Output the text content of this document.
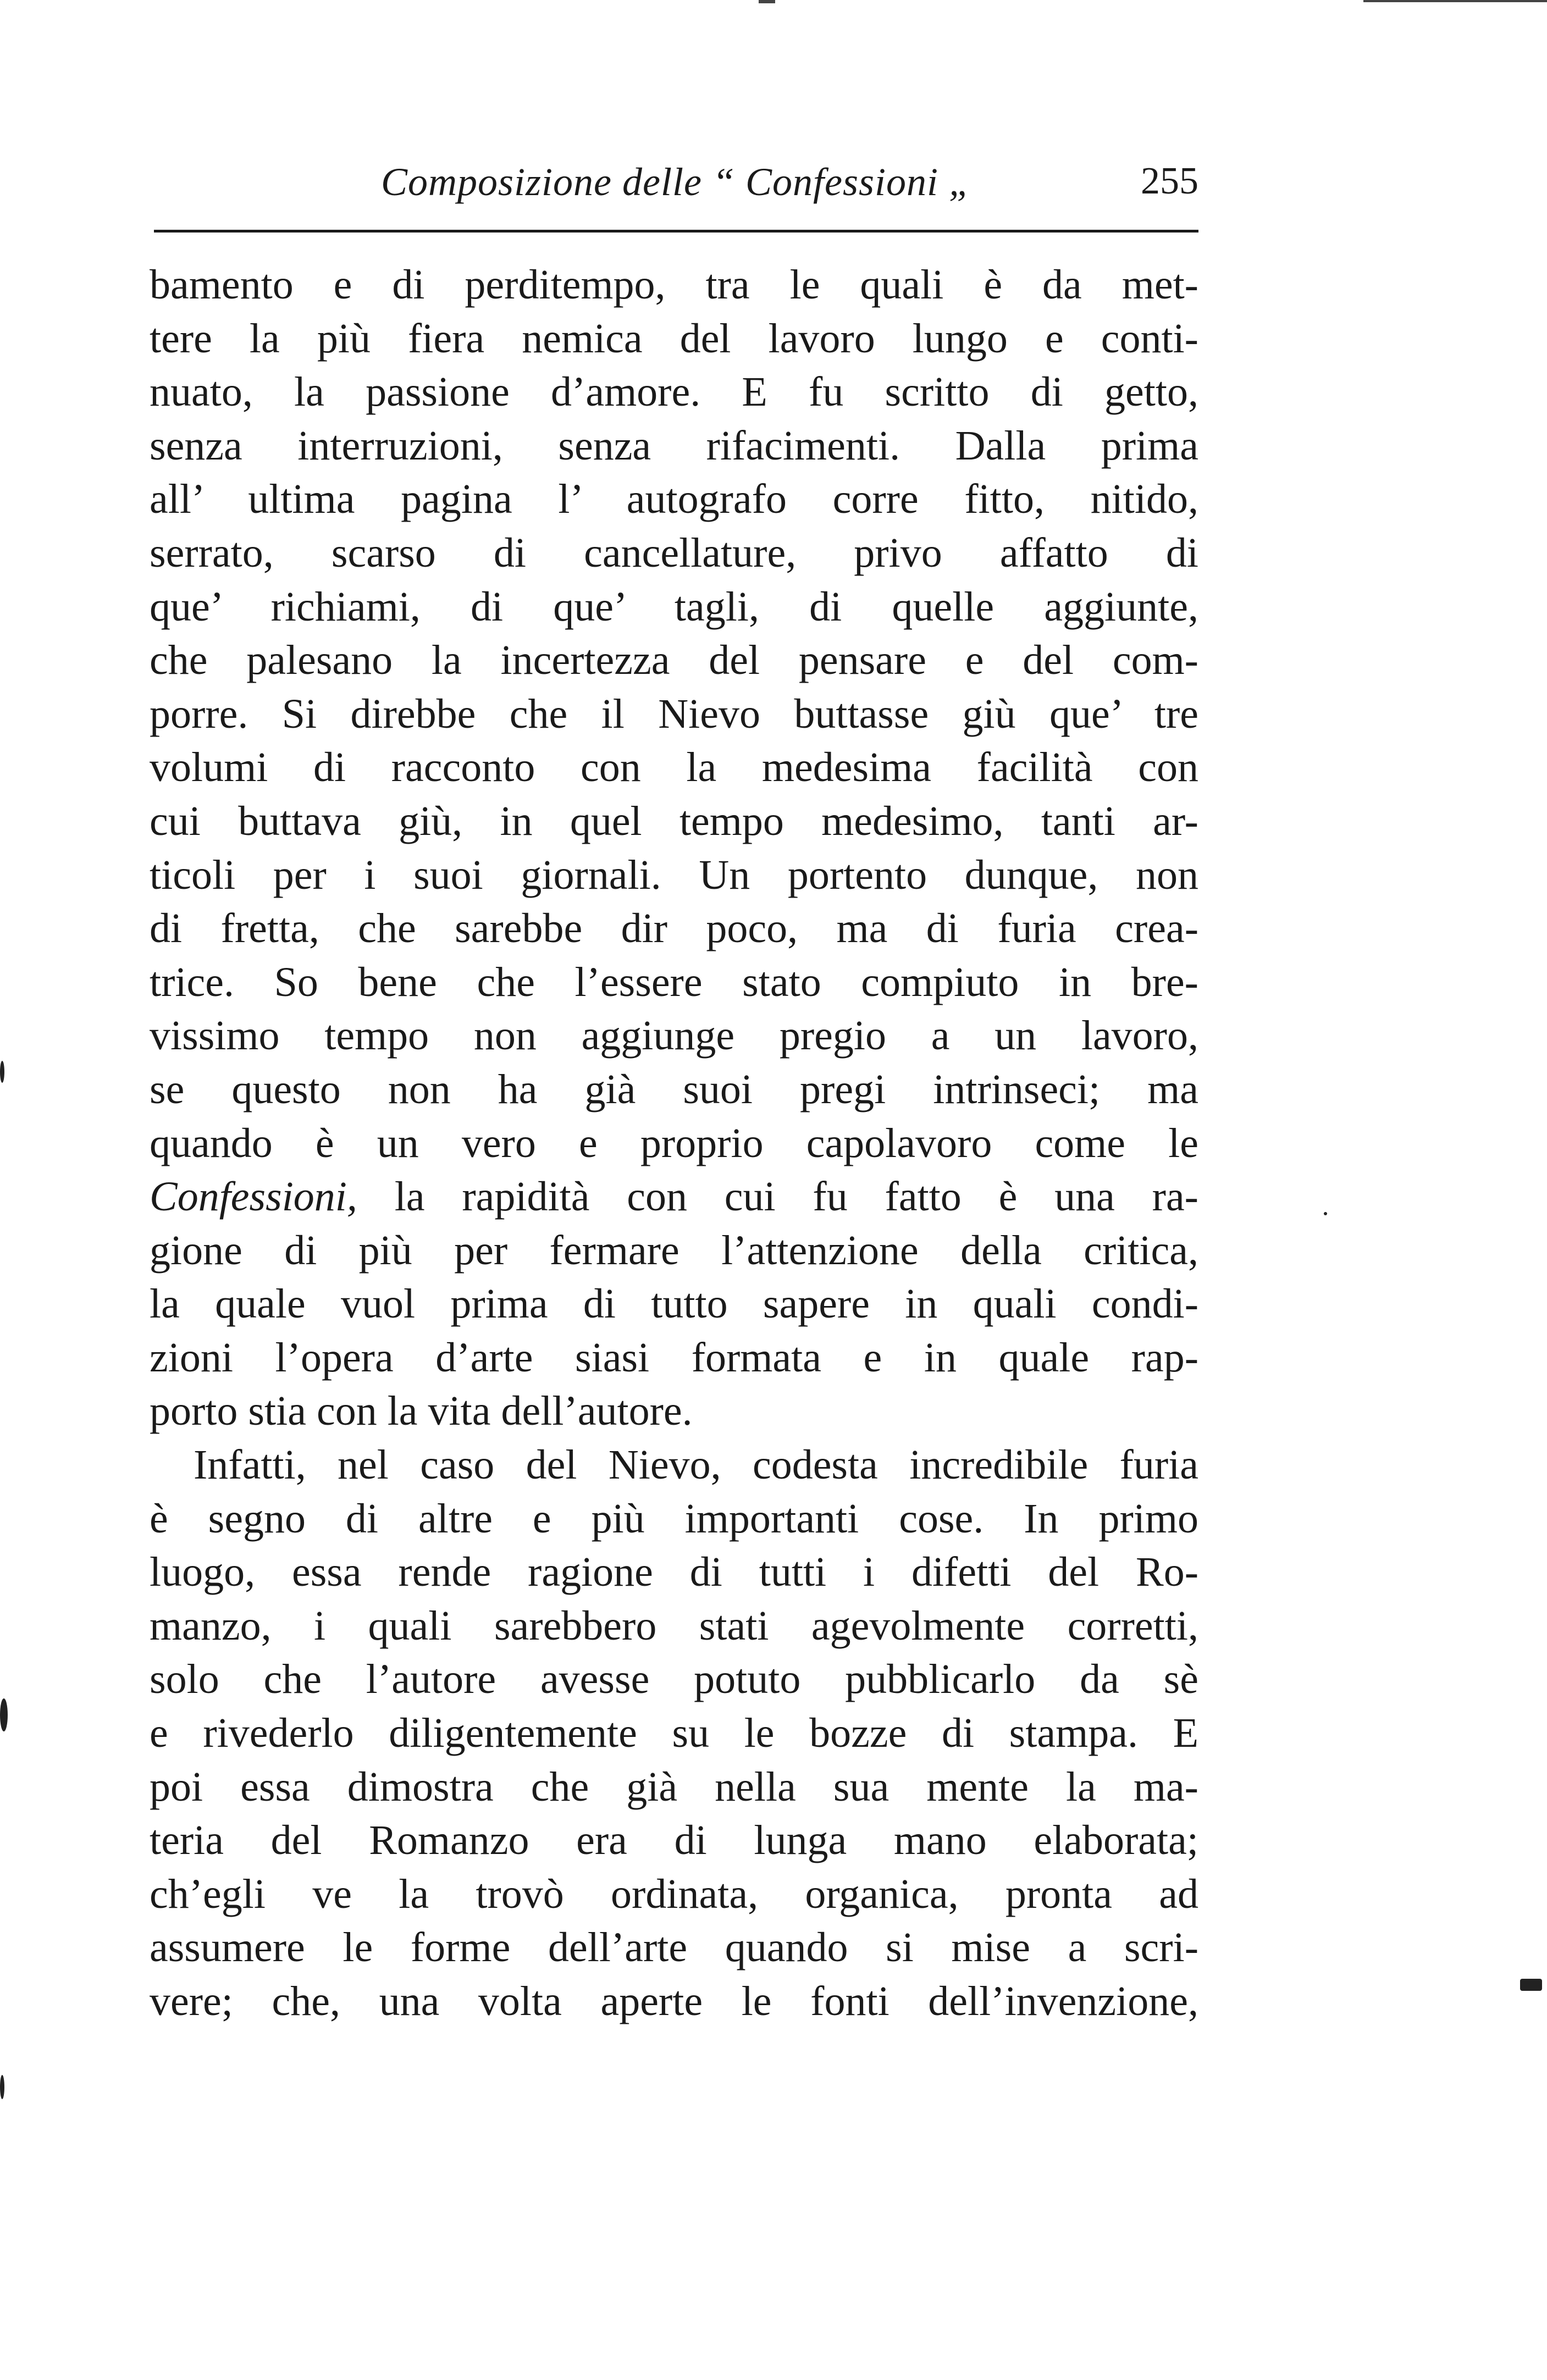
Composizione delle “ Confessioni „	255
bamento e di perditempo, tra le quali è da met-
tere la più fiera nemica del lavoro lungo e conti-
nuato, la passione d’amore. E fu scritto di getto,
senza interruzioni, senza rifacimenti. Dalla prima
all’ ultima pagina l’ autografo corre fitto, nitido,
serrato, scarso di cancellature, privo affatto di
que’ richiami, di que’ tagli, di quelle aggiunte,
che palesano la incertezza del pensare e del com-
porre. Si direbbe che il Nievo buttasse giù que’ tre
volumi di racconto con la medesima facilità con
cui buttava giù, in quel tempo medesimo, tanti ar-
ticoli per i suoi giornali. Un portento dunque, non
di fretta, che sarebbe dir poco, ma di furia crea-
trice. So bene che l’essere stato compiuto in bre-
vissimo tempo non aggiunge pregio a un lavoro,
se questo non ha già suoi pregi intrinseci; ma
quando è un vero e proprio capolavoro come le
Confessioni, la rapidità con cui fu fatto è una ra-
gione di più per fermare l’attenzione della critica,
la quale vuol prima di tutto sapere in quali condi-
zioni l’opera d’arte siasi formata e in quale rap-
porto stia con la vita dell’autore.
Infatti, nel caso del Nievo, codesta incredibile furia
è segno di altre e più importanti cose. In primo
luogo, essa rende ragione di tutti i difetti del Ro-
manzo, i quali sarebbero stati agevolmente corretti,
solo che l’autore avesse potuto pubblicarlo da sè
e rivederlo diligentemente su le bozze di stampa. E
poi essa dimostra che già nella sua mente la ma-
teria del Romanzo era di lunga mano elaborata;
ch’egli ve la trovò ordinata, organica, pronta ad
assumere le forme dell’arte quando si mise a scri-
vere; che, una volta aperte le fonti dell’invenzione,
